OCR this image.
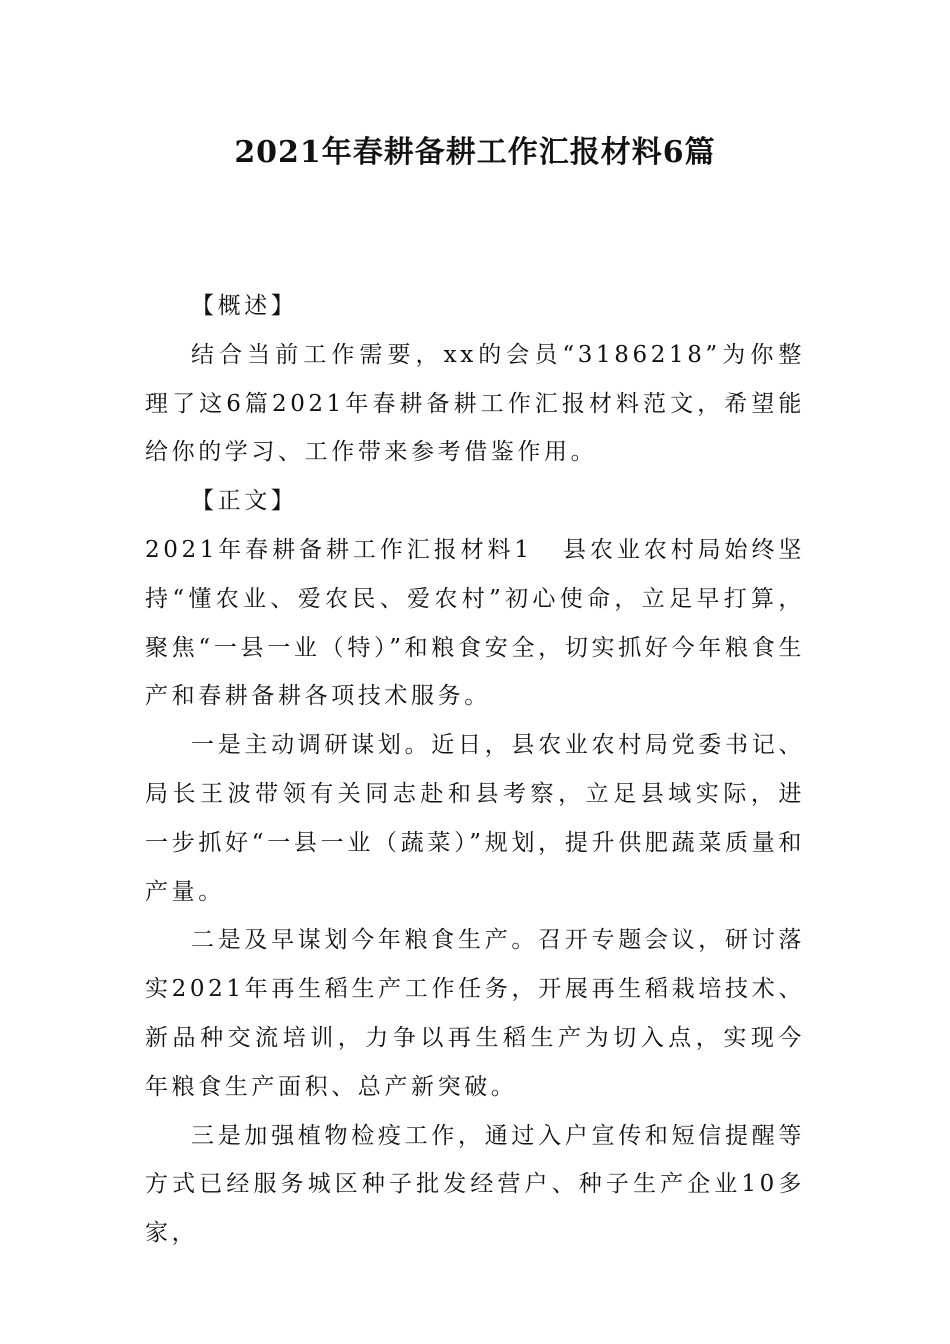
2021年春耕备耕工作汇报材料6篇

【概述】

结合当前工作需要，xx的会员“3186218”为你整理了这6篇2021年春耕备耕工作汇报材料范文，希望能给你的学习、工作带来参考借鉴作用。

【正文】

2021年春耕备耕工作汇报材料1 县农业农村局始终坚持“懂农业、爱农民、爱农村”初心使命，立足早打算，聚焦“一县一业（特）”和粮食安全，切实抓好今年粮食生产和春耕备耕各项技术服务。

一是主动调研谋划。近日，县农业农村局党委书记、局长王波带领有关同志赴和县考察，立足县域实际，进一步抓好“一县一业（蔬菜）”规划，提升供肥蔬菜质量和产量。

二是及早谋划今年粮食生产。召开专题会议，研讨落实2021年再生稻生产工作任务，开展再生稻栽培技术、新品种交流培训，力争以再生稻生产为切入点，实现今年粮食生产面积、总产新突破。

三是加强植物检疫工作，通过入户宣传和短信提醒等方式已经服务城区种子批发经营户、种子生产企业10多家，
